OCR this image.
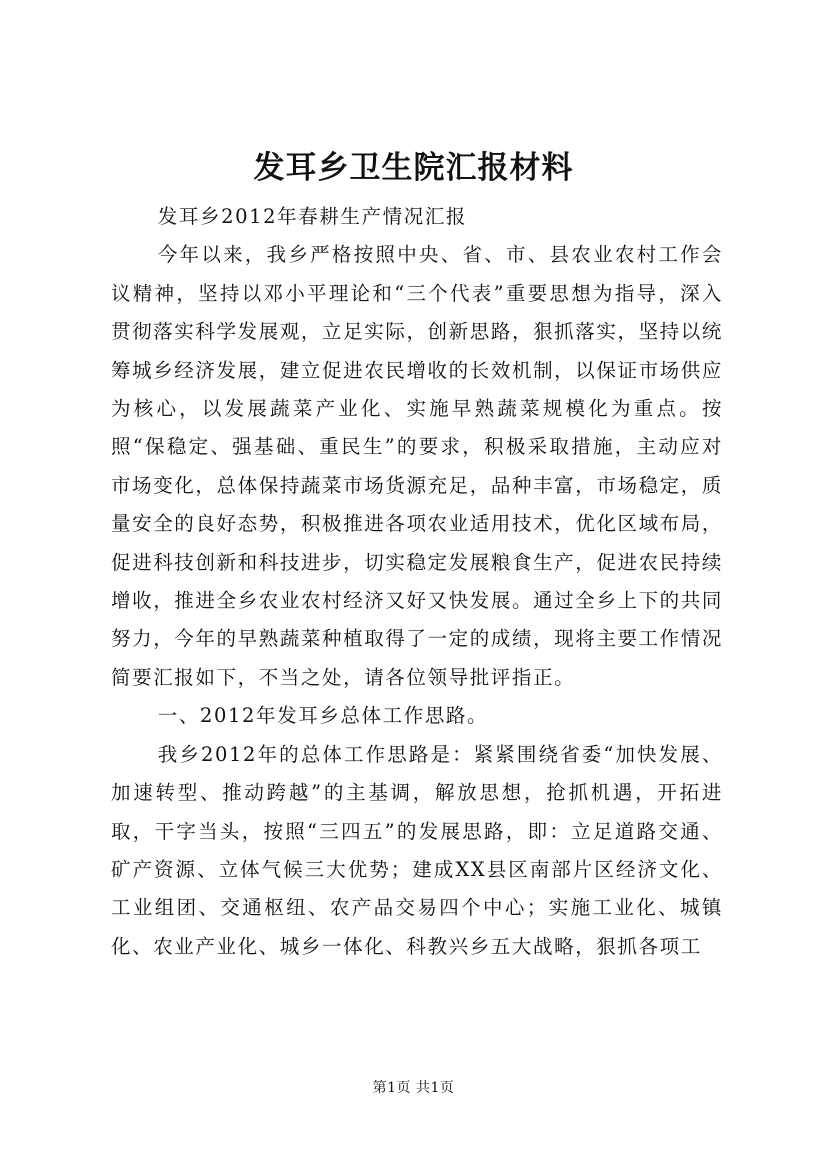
发耳乡卫生院汇报材料

发耳乡2012年春耕生产情况汇报

今年以来，我乡严格按照中央、省、市、县农业农村工作会议精神，坚持以邓小平理论和“三个代表”重要思想为指导，深入贯彻落实科学发展观，立足实际，创新思路，狠抓落实，坚持以统筹城乡经济发展，建立促进农民增收的长效机制，以保证市场供应为核心，以发展蔬菜产业化、实施早熟蔬菜规模化为重点。按照“保稳定、强基础、重民生”的要求，积极采取措施，主动应对市场变化，总体保持蔬菜市场货源充足，品种丰富，市场稳定，质量安全的良好态势，积极推进各项农业适用技术，优化区域布局，促进科技创新和科技进步，切实稳定发展粮食生产，促进农民持续增收，推进全乡农业农村经济又好又快发展。通过全乡上下的共同努力，今年的早熟蔬菜种植取得了一定的成绩，现将主要工作情况简要汇报如下，不当之处，请各位领导批评指正。

一、2012年发耳乡总体工作思路。

我乡2012年的总体工作思路是：紧紧围绕省委“加快发展、加速转型、推动跨越”的主基调，解放思想，抢抓机遇，开拓进取，干字当头，按照“三四五”的发展思路，即：立足道路交通、矿产资源、立体气候三大优势；建成XX县区南部片区经济文化、工业组团、交通枢纽、农产品交易四个中心；实施工业化、城镇化、农业产业化、城乡一体化、科教兴乡五大战略，狠抓各项工

第1页 共1页
